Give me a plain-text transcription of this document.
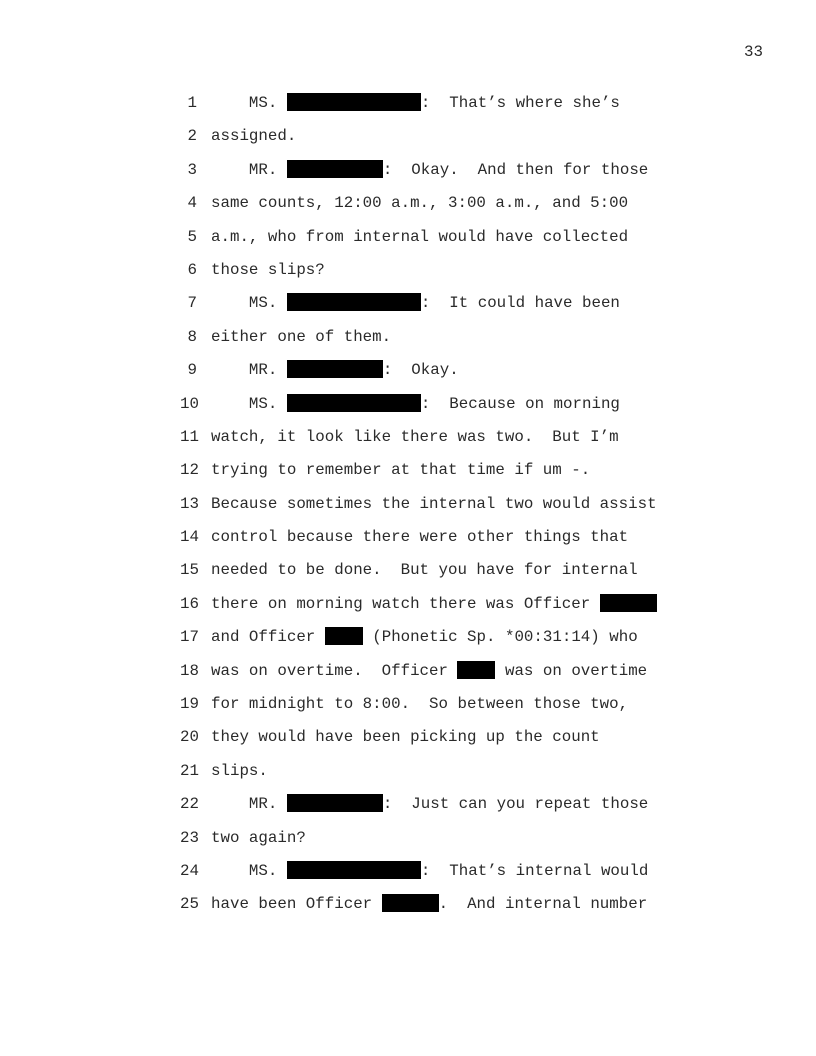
33
1 MS.	:  That’s where she’s
2 assigned.
3 MR.	:  Okay.  And then for those
4 same counts, 12:00 a.m., 3:00 a.m., and 5:00
5 a.m., who from internal would have collected
6 those slips?
7 MS.	:  It could have been
8 either one of them.
9 MR.	:  Okay.
10 MS.	:  Because on morning
11 watch, it look like there was two.  But I’m
12 trying to remember at that time if um -.
13 Because sometimes the internal two would assist
14 control because there were other things that
15 needed to be done.  But you have for internal
16 there on morning watch there was Officer
17 and Officer  (Phonetic Sp. *00:31:14) who
18 was on overtime.  Officer  was on overtime
19 for midnight to 8:00.  So between those two,
20 they would have been picking up the count
21 slips.
22 MR.	:  Just can you repeat those
23 two again?
24 MS.	:  That’s internal would
25 have been Officer	.  And internal number
